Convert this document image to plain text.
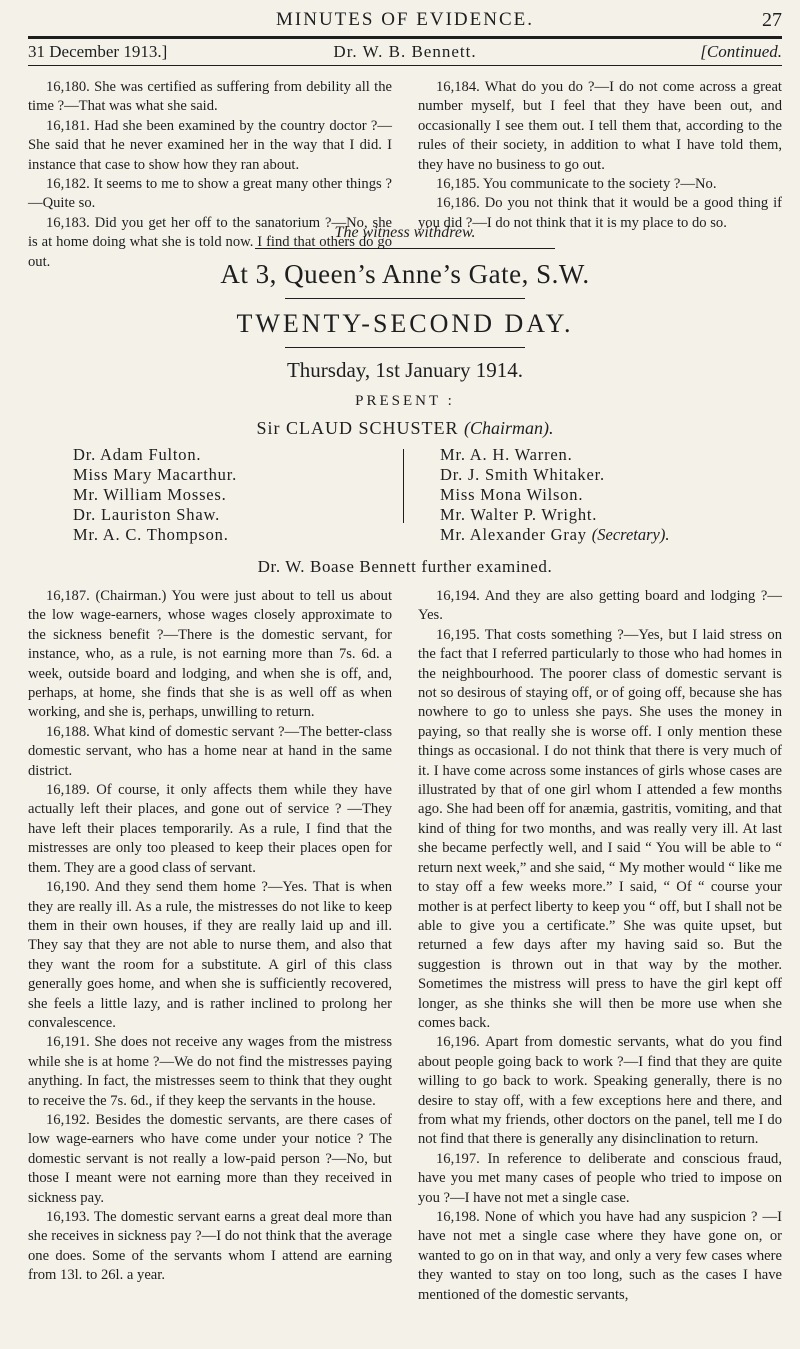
MINUTES OF EVIDENCE.	27
31 December 1913.]	Dr. W. B. Bennett.	[Continued.

16,180. She was certified as suffering from debility all the time ?—That was what she said.

16,181. Had she been examined by the country doctor ?—She said that he never examined her in the way that I did. I instance that case to show how they ran about.

16,182. It seems to me to show a great many other things ?—Quite so.

16,183. Did you get her off to the sanatorium ?—No, she is at home doing what she is told now. I find that others do go out.

16,184. What do you do ?—I do not come across a great number myself, but I feel that they have been out, and occasionally I see them out. I tell them that, according to the rules of their society, in addition to what I have told them, they have no business to go out.

16,185. You communicate to the society ?—No.

16,186. Do you not think that it would be a good thing if you did ?—I do not think that it is my place to do so.

The witness withdrew.
At 3, Queen’s Anne’s Gate, S.W.
TWENTY-SECOND DAY.
Thursday, 1st January 1914.
PRESENT :
Sir CLAUD SCHUSTER (Chairman).
Dr. Adam Fulton.
Miss Mary Macarthur.
Mr. William Mosses.
Dr. Lauriston Shaw.
Mr. A. C. Thompson.
Mr. A. H. Warren.
Dr. J. Smith Whitaker.
Miss Mona Wilson.
Mr. Walter P. Wright.
Mr. Alexander Gray (Secretary).
Dr. W. Boase Bennett further examined.

16,187. (Chairman.) You were just about to tell us about the low wage-earners, whose wages closely approximate to the sickness benefit ?—There is the domestic servant, for instance, who, as a rule, is not earning more than 7s. 6d. a week, outside board and lodging, and when she is off, and, perhaps, at home, she finds that she is as well off as when working, and she is, perhaps, unwilling to return.

16,188. What kind of domestic servant ?—The better-class domestic servant, who has a home near at hand in the same district.

16,189. Of course, it only affects them while they have actually left their places, and gone out of service ? —They have left their places temporarily. As a rule, I find that the mistresses are only too pleased to keep their places open for them. They are a good class of servant.

16,190. And they send them home ?—Yes. That is when they are really ill. As a rule, the mistresses do not like to keep them in their own houses, if they are really laid up and ill. They say that they are not able to nurse them, and also that they want the room for a substitute. A girl of this class generally goes home, and when she is sufficiently recovered, she feels a little lazy, and is rather inclined to prolong her convalescence.

16,191. She does not receive any wages from the mistress while she is at home ?—We do not find the mistresses paying anything. In fact, the mistresses seem to think that they ought to receive the 7s. 6d., if they keep the servants in the house.

16,192. Besides the domestic servants, are there cases of low wage-earners who have come under your notice ? The domestic servant is not really a low-paid person ?—No, but those I meant were not earning more than they received in sickness pay.

16,193. The domestic servant earns a great deal more than she receives in sickness pay ?—I do not think that the average one does. Some of the servants whom I attend are earning from 13l. to 26l. a year.

16,194. And they are also getting board and lodging ?—Yes.

16,195. That costs something ?—Yes, but I laid stress on the fact that I referred particularly to those who had homes in the neighbourhood. The poorer class of domestic servant is not so desirous of staying off, or of going off, because she has nowhere to go to unless she pays. She uses the money in paying, so that really she is worse off. I only mention these things as occasional. I do not think that there is very much of it. I have come across some instances of girls whose cases are illustrated by that of one girl whom I attended a few months ago. She had been off for anæmia, gastritis, vomiting, and that kind of thing for two months, and was really very ill. At last she became perfectly well, and I said “ You will be able to “ return next week,” and she said, “ My mother would “ like me to stay off a few weeks more.” I said, “ Of “ course your mother is at perfect liberty to keep you “ off, but I shall not be able to give you a certificate.” She was quite upset, but returned a few days after my having said so. But the suggestion is thrown out in that way by the mother. Sometimes the mistress will press to have the girl kept off longer, as she thinks she will then be more use when she comes back.

16,196. Apart from domestic servants, what do you find about people going back to work ?—I find that they are quite willing to go back to work. Speaking generally, there is no desire to stay off, with a few exceptions here and there, and from what my friends, other doctors on the panel, tell me I do not find that there is generally any disinclination to return.

16,197. In reference to deliberate and conscious fraud, have you met many cases of people who tried to impose on you ?—I have not met a single case.

16,198. None of which you have had any suspicion ? —I have not met a single case where they have gone on, or wanted to go on in that way, and only a very few cases where they wanted to stay on too long, such as the cases I have mentioned of the domestic servants,
